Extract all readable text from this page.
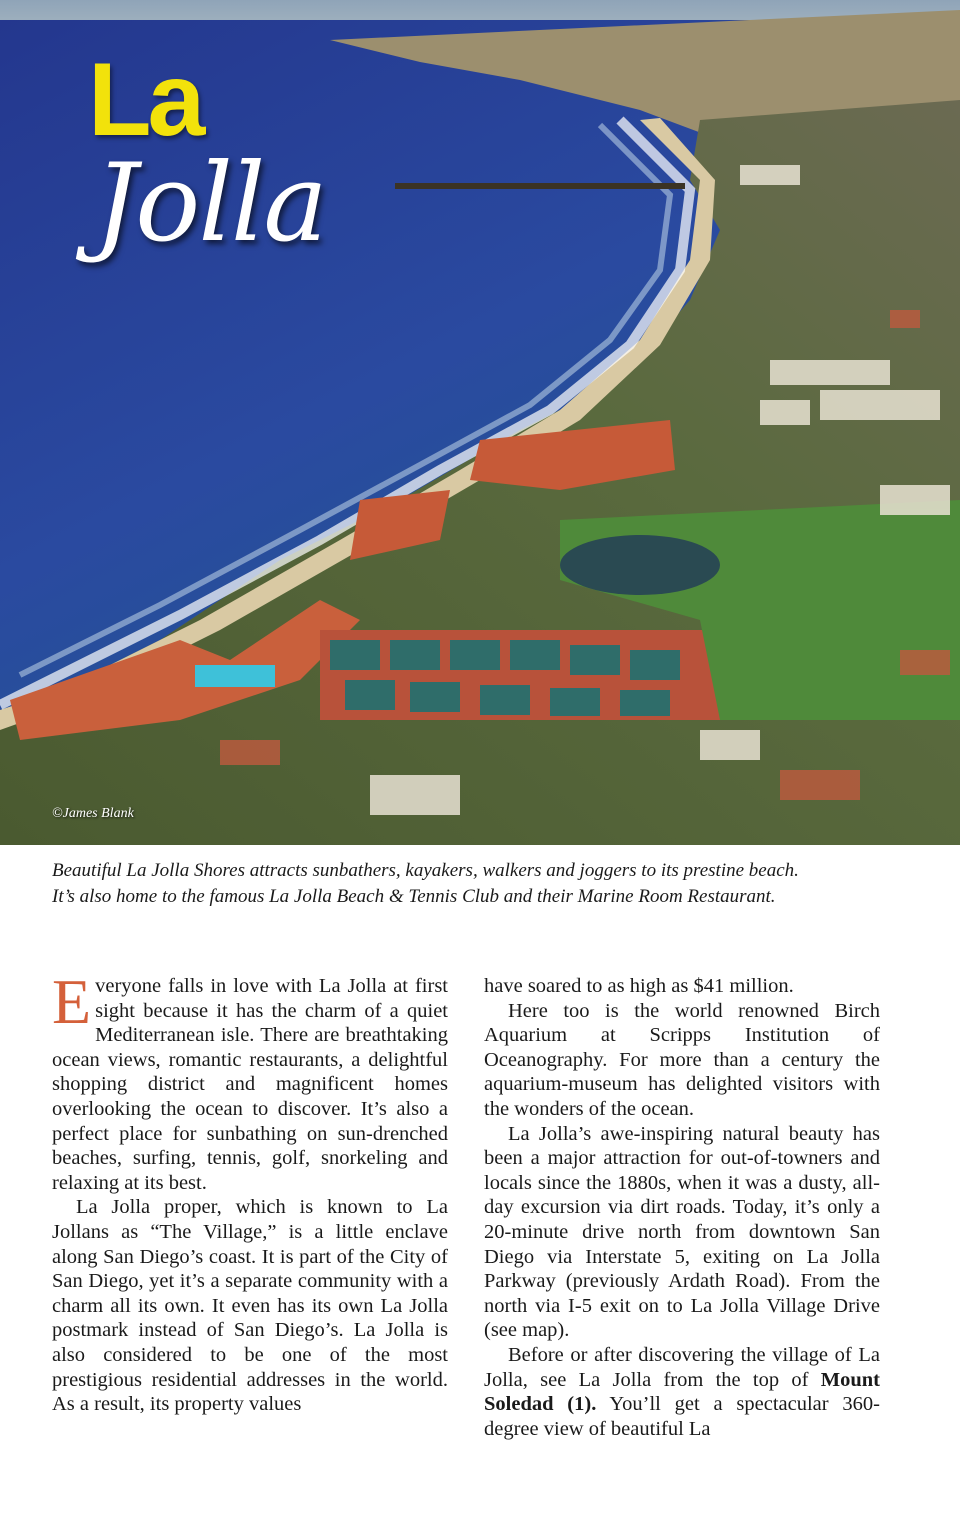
La
Jolla
©James Blank
Beautiful La Jolla Shores attracts sunbathers, kayakers, walkers and joggers to its prestine beach.
It’s also home to the famous La Jolla Beach & Tennis Club and their Marine Room Restaurant.

Everyone falls in love with La Jolla at first sight because it has the charm of a quiet Mediterranean isle. There are breathtaking ocean views, romantic restaurants, a delightful shopping district and magnificent homes overlooking the ocean to discover. It’s also a perfect place for sunbathing on sun-drenched beaches, surfing, tennis, golf, snorkeling and relaxing at its best.

La Jolla proper, which is known to La Jollans as “The Village,” is a little enclave along San Diego’s coast. It is part of the City of San Diego, yet it’s a separate community with a charm all its own. It even has its own La Jolla postmark instead of San Diego’s. La Jolla is also considered to be one of the most prestigious residential addresses in the world. As a result, its property values

have soared to as high as $41 million.

Here too is the world renowned Birch Aquarium at Scripps Institution of Oceanography. For more than a century the aquarium-museum has delighted visitors with the wonders of the ocean.

La Jolla’s awe-inspiring natural beauty has been a major attraction for out-of-towners and locals since the 1880s, when it was a dusty, all-day excursion via dirt roads. Today, it’s only a 20-minute drive north from downtown San Diego via Interstate 5, exiting on La Jolla Parkway (previously Ardath Road). From the north via I-5 exit on to La Jolla Village Drive (see map).

Before or after discovering the village of La Jolla, see La Jolla from the top of Mount Soledad (1). You’ll get a spectacular 360-degree view of beautiful La
